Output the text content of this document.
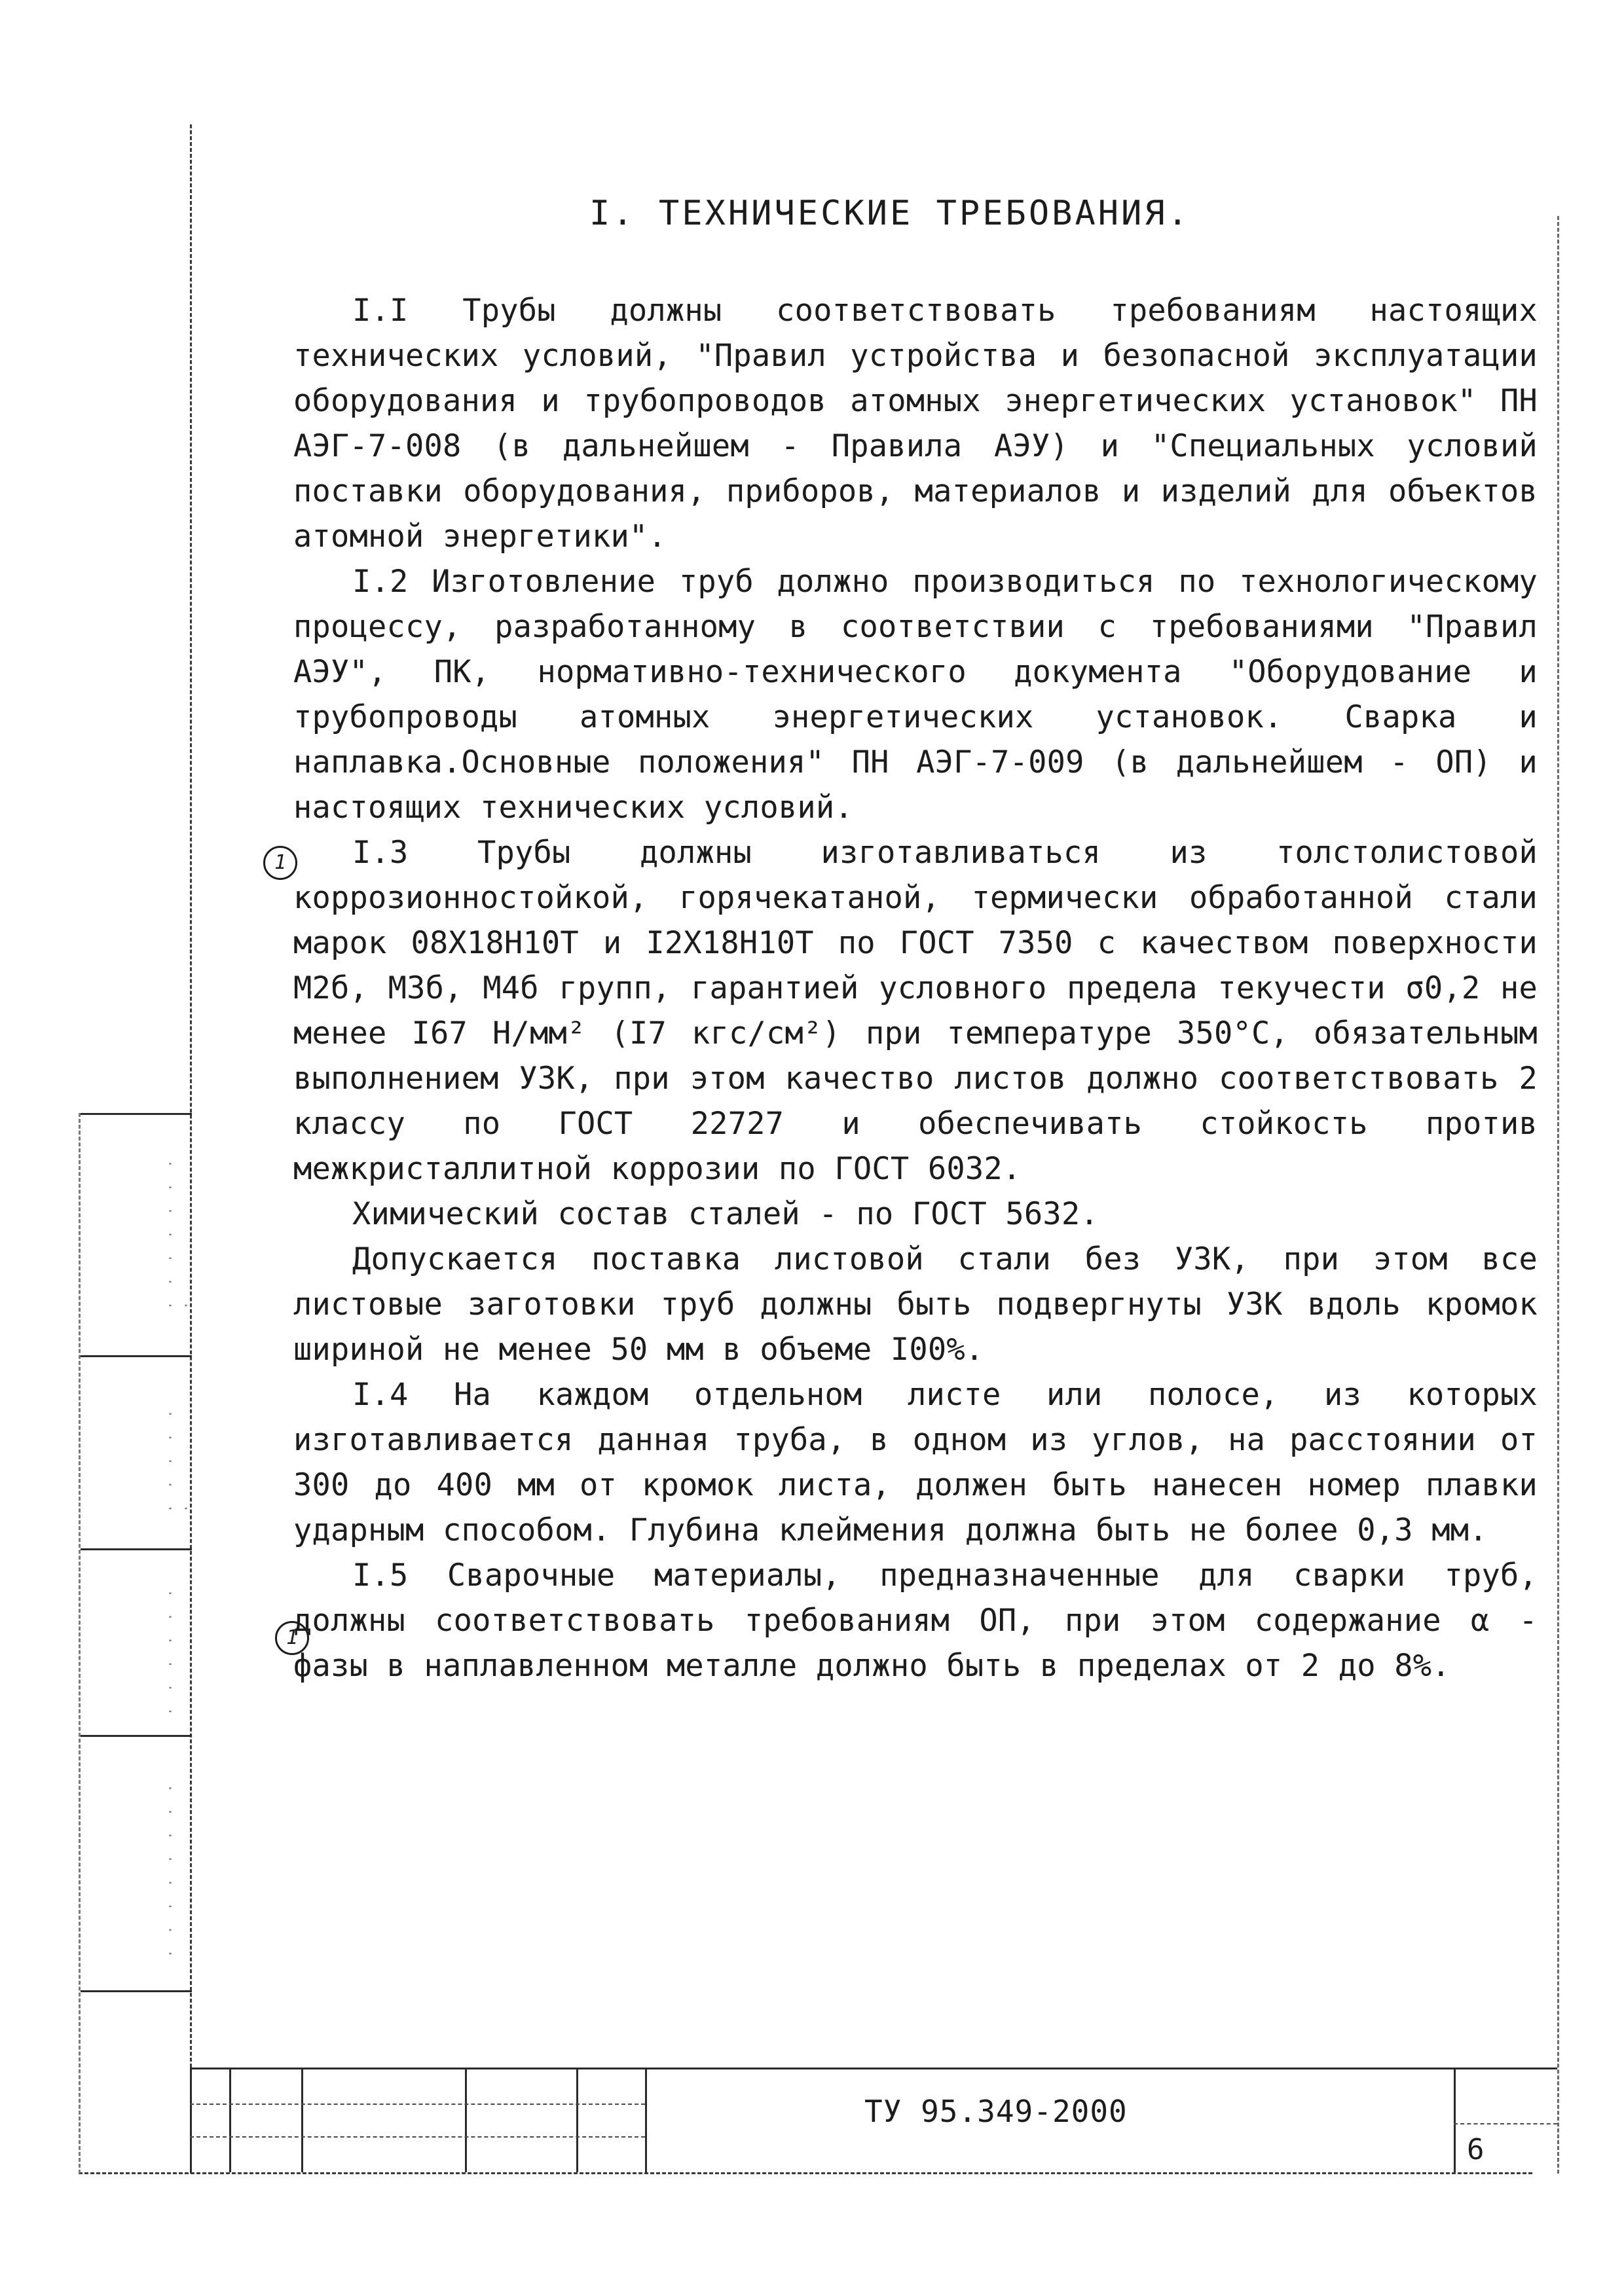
· · · · · · · ·
· · · · · ·
· · · · · ·
· · · · · · · ·
I. ТЕХНИЧЕСКИЕ ТРЕБОВАНИЯ.
1
1

I.I Трубы должны соответствовать требованиям настоящих технических условий, "Правил устройства и безопасной эксплуатации оборудования и трубопроводов атомных энергетических установок" ПН АЭГ-7-008 (в дальнейшем - Правила АЭУ) и "Специальных условий поставки оборудования, приборов, материалов и изделий для объектов атомной энергетики".

I.2 Изготовление труб должно производиться по технологическому процессу, разработанному в соответствии с требованиями "Правил АЭУ", ПК, нормативно-технического документа "Оборудование и трубопроводы атомных энергетических установок. Сварка и наплавка.Основные положения" ПН АЭГ-7-009 (в дальнейшем - ОП) и настоящих технических условий.

I.3 Трубы должны изготавливаться из толстолистовой коррозионностойкой, горячекатаной, термически обработанной стали марок 08Х18Н10Т и I2Х18Н10Т по ГОСТ 7350 с качеством поверхности М2б, М3б, М4б групп, гарантией условного предела текучести σ0,2 не менее I67 Н/мм² (I7 кгс/см²) при температуре 350°С, обязательным выполнением УЗК, при этом качество листов должно соответствовать 2 классу по ГОСТ 22727 и обеспечивать стойкость против межкристаллитной коррозии по ГОСТ 6032.

Химический состав сталей - по ГОСТ 5632.

Допускается поставка листовой стали без УЗК, при этом все листовые заготовки труб должны быть подвергнуты УЗК вдоль кромок шириной не менее 50 мм в объеме I00%.

I.4 На каждом отдельном листе или полосе, из которых изготавливается данная труба, в одном из углов, на расстоянии от 300 до 400 мм от кромок листа, должен быть нанесен номер плавки ударным способом. Глубина клеймения должна быть не более 0,3 мм.

I.5 Сварочные материалы, предназначенные для сварки труб, должны соответствовать требованиям ОП, при этом содержание α - фазы в наплавленном металле должно быть в пределах от 2 до 8%.

ТУ 95.349-2000
6
